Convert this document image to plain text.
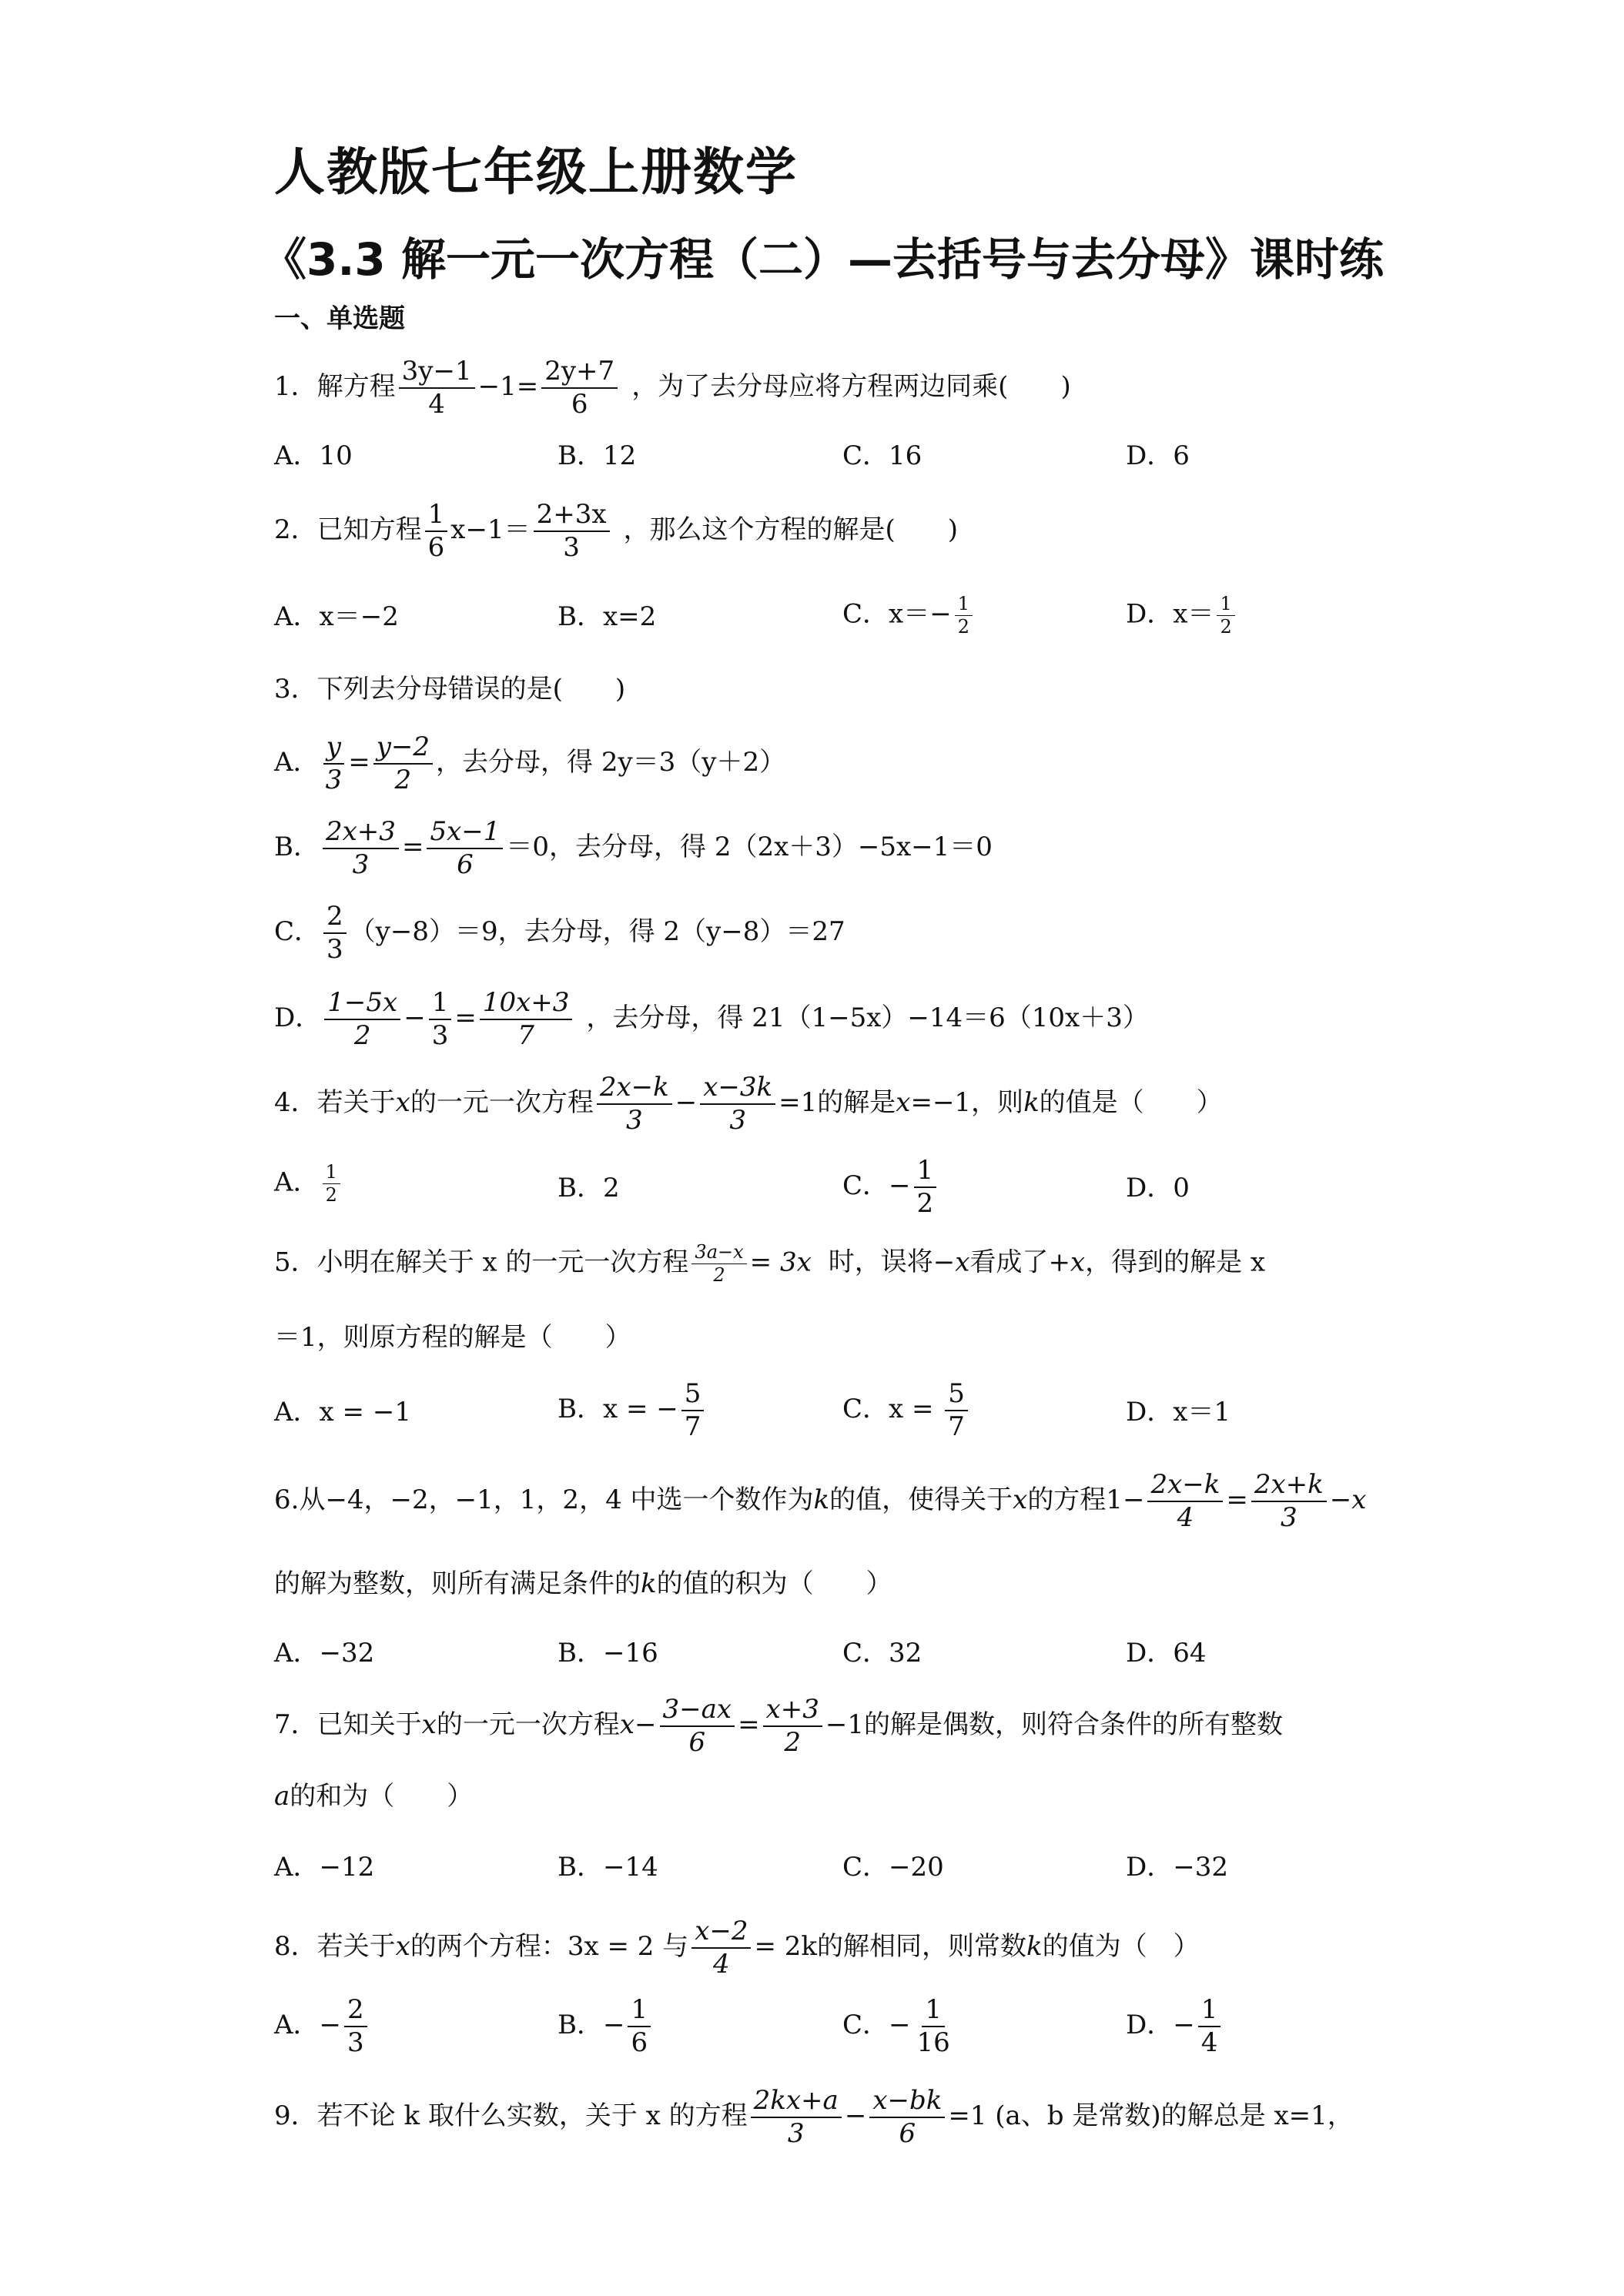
人教版七年级上册数学
《3.3 解一元一次方程（二）—去括号与去分母》课时练
一、单选题
1．解方程 $\frac{3y-1}{4} -1= \frac{2y+7}{6}$ ，为了去分母应将方程两边同乘(　　)
A．10	B．12	C．16	D．6
2．已知方程 $\frac{1}{6} x-1= \frac{2+3x}{3}$ ，那么这个方程的解是(　　)
A．x＝−2	B．x=2	C．$x=- \frac{1}{2}$	D．$x= \frac{1}{2}$
3．下列去分母错误的是(　　)
A． $\frac{y}{3} = \frac{y-2}{2}$ ，去分母，得 2y＝3（y＋2）
B． $\frac{2x+3}{3} = \frac{5x-1}{6} =0$，去分母，得 2（2x＋3）−5x−1＝0
C． $\frac{2}{3} (y-8)=9$，去分母，得 2（y−8）＝27
D． $\frac{1-5x}{2} - \frac{1}{3} = \frac{10x+3}{7}$ ，去分母，得 21（1−5x）−14＝6（10x＋3）
4．若关于x的一元一次方程 $\frac{2x-k}{3} - \frac{x-3k}{3} =1$的解是x=−1，则k的值是（　　）
A． $\frac{1}{2}$	B．2	C．− $\frac{1}{2}$	D．0
5．小明在解关于 x 的一元一次方程 $\frac{3a-x}{2} = 3x$ 时，误将−x看成了+x，得到的解是 x
＝1，则原方程的解是（　　）
A．x = −1	B．x = − $\frac{5}{7}$	C．$x = \frac{5}{7}$	D．x＝1
6.从−4，−2，−1，1，2，4 中选一个数作为k的值，使得关于x的方程$1- \frac{2x-k}{4} = \frac{2x+k}{3} -x$
的解为整数，则所有满足条件的k的值的积为（　　）
A．−32	B．−16	C．32	D．64
7．已知关于x的一元一次方程$x- \frac{3-ax}{6} = \frac{x+3}{2} -1$的解是偶数，则符合条件的所有整数
a的和为（　　）
A．−12	B．−14	C．−20	D．−32
8．若关于x的两个方程：3x = 2 与 $\frac{x-2}{4} = 2k$的解相同，则常数k的值为（　）
A．− $\frac{2}{3}$	B．− $\frac{1}{6}$	C．− $\frac{1}{16}$	D．− $\frac{1}{4}$
9．若不论 k 取什么实数，关于 x 的方程 $\frac{2kx+a}{3} - \frac{x-bk}{6} =1$ (a、b 是常数)的解总是 x=1，
